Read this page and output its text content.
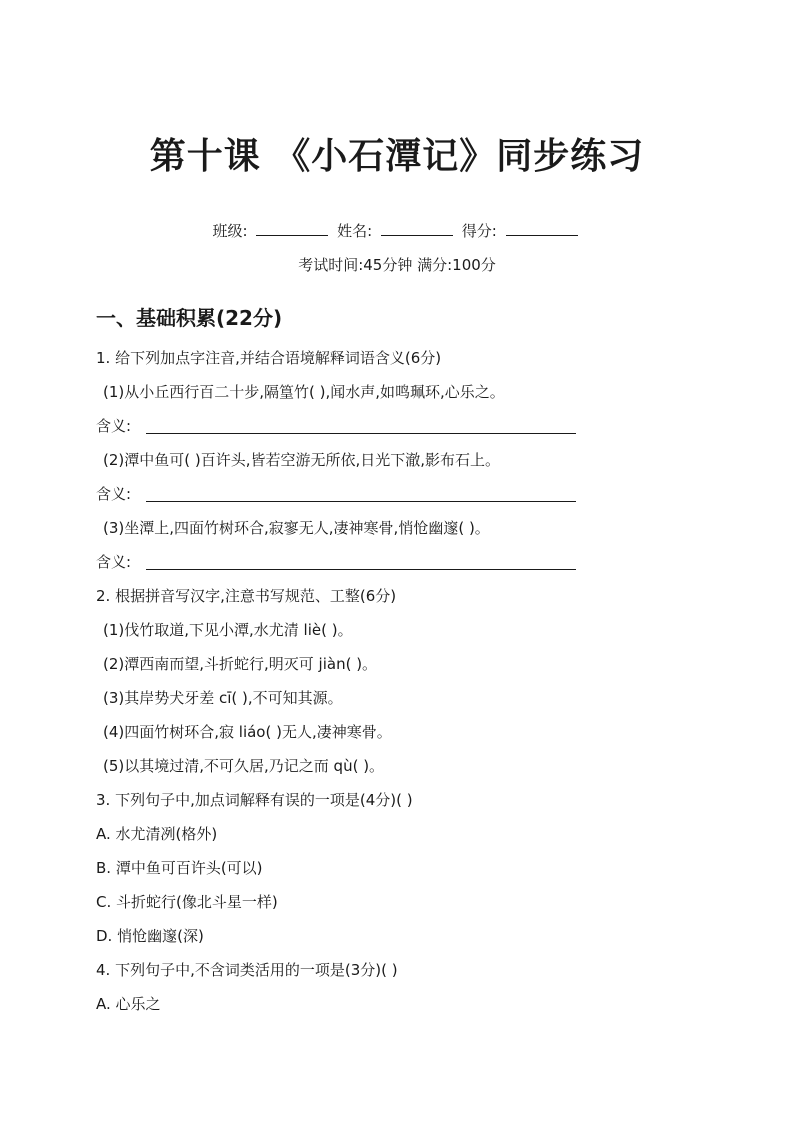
第十课 《小石潭记》同步练习
班级:	姓名:	得分:
考试时间:45分钟 满分:100分
一、基础积累(22分)
1. 给下列加点字注音,并结合语境解释词语含义(6分)
(1)从小丘西行百二十步,隔篁竹( ),闻水声,如鸣珮环,心乐之。
含义:
(2)潭中鱼可( )百许头,皆若空游无所依,日光下澈,影布石上。
含义:
(3)坐潭上,四面竹树环合,寂寥无人,凄神寒骨,悄怆幽邃( )。
含义:
2. 根据拼音写汉字,注意书写规范、工整(6分)
(1)伐竹取道,下见小潭,水尤清 liè( )。
(2)潭西南而望,斗折蛇行,明灭可 jiàn( )。
(3)其岸势犬牙差 cī( ),不可知其源。
(4)四面竹树环合,寂 liáo( )无人,凄神寒骨。
(5)以其境过清,不可久居,乃记之而 qù( )。
3. 下列句子中,加点词解释有误的一项是(4分)( )
A. 水尤清冽(格外)
B. 潭中鱼可百许头(可以)
C. 斗折蛇行(像北斗星一样)
D. 悄怆幽邃(深)
4. 下列句子中,不含词类活用的一项是(3分)( )
A. 心乐之
